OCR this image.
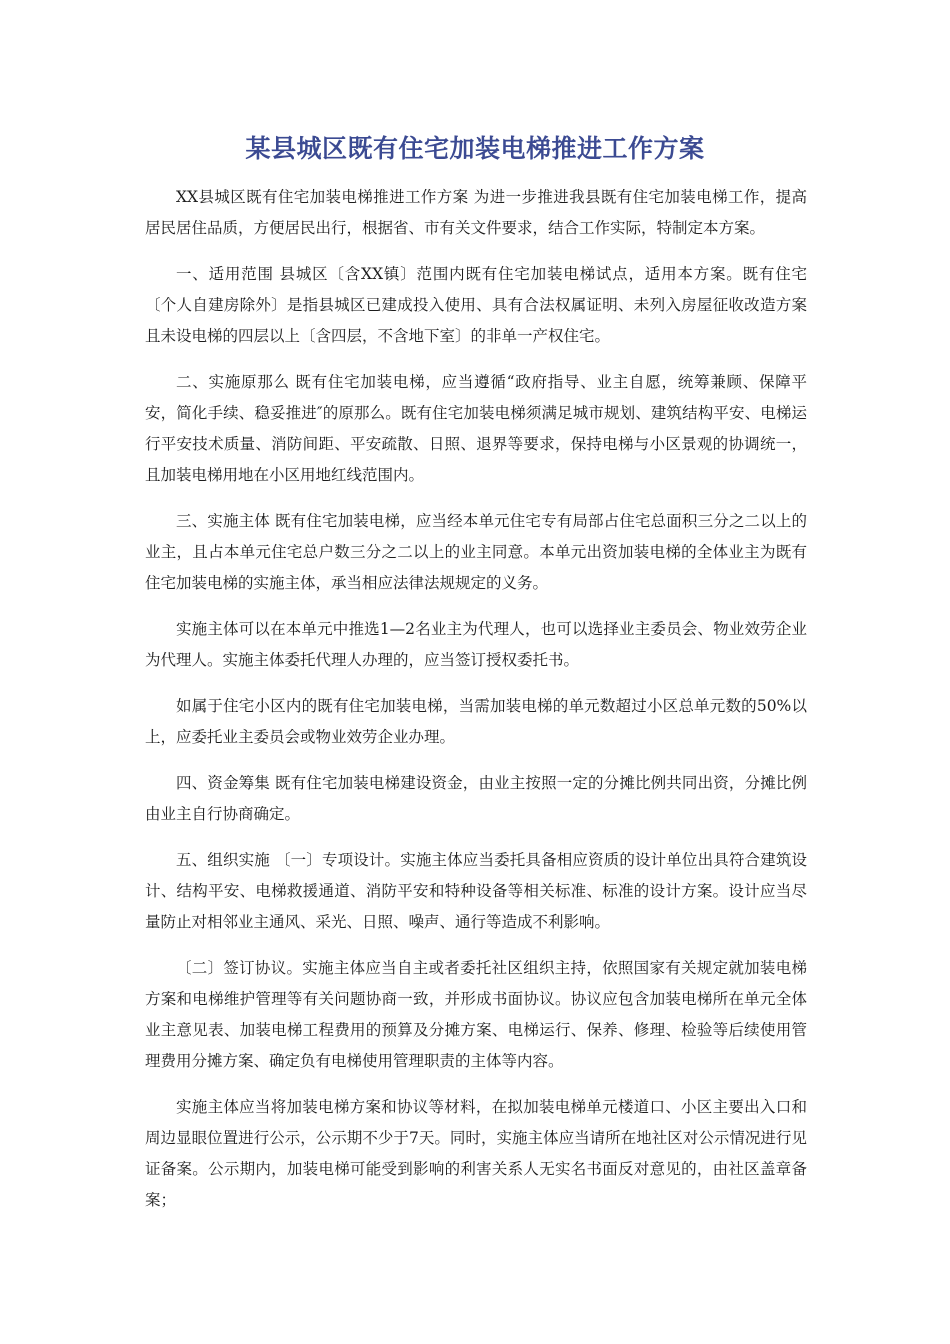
某县城区既有住宅加装电梯推进工作方案

XX县城区既有住宅加装电梯推进工作方案 为进一步推进我县既有住宅加装电梯工作，提高居民居住品质，方便居民出行，根据省、市有关文件要求，结合工作实际，特制定本方案。

一、适用范围 县城区〔含XX镇〕范围内既有住宅加装电梯试点，适用本方案。既有住宅〔个人自建房除外〕是指县城区已建成投入使用、具有合法权属证明、未列入房屋征收改造方案且未设电梯的四层以上〔含四层，不含地下室〕的非单一产权住宅。

二、实施原那么 既有住宅加装电梯，应当遵循“政府指导、业主自愿，统筹兼顾、保障平安，简化手续、稳妥推进″的原那么。既有住宅加装电梯须满足城市规划、建筑结构平安、电梯运行平安技术质量、消防间距、平安疏散、日照、退界等要求，保持电梯与小区景观的协调统一，且加装电梯用地在小区用地红线范围内。

三、实施主体 既有住宅加装电梯，应当经本单元住宅专有局部占住宅总面积三分之二以上的业主，且占本单元住宅总户数三分之二以上的业主同意。本单元出资加装电梯的全体业主为既有住宅加装电梯的实施主体，承当相应法律法规规定的义务。

实施主体可以在本单元中推选1—2名业主为代理人，也可以选择业主委员会、物业效劳企业为代理人。实施主体委托代理人办理的，应当签订授权委托书。

如属于住宅小区内的既有住宅加装电梯，当需加装电梯的单元数超过小区总单元数的50%以上，应委托业主委员会或物业效劳企业办理。

四、资金筹集 既有住宅加装电梯建设资金，由业主按照一定的分摊比例共同出资，分摊比例由业主自行协商确定。

五、组织实施 〔一〕专项设计。实施主体应当委托具备相应资质的设计单位出具符合建筑设计、结构平安、电梯救援通道、消防平安和特种设备等相关标准、标准的设计方案。设计应当尽量防止对相邻业主通风、采光、日照、噪声、通行等造成不利影响。

〔二〕签订协议。实施主体应当自主或者委托社区组织主持，依照国家有关规定就加装电梯方案和电梯维护管理等有关问题协商一致，并形成书面协议。协议应包含加装电梯所在单元全体业主意见表、加装电梯工程费用的预算及分摊方案、电梯运行、保养、修理、检验等后续使用管理费用分摊方案、确定负有电梯使用管理职责的主体等内容。

实施主体应当将加装电梯方案和协议等材料，在拟加装电梯单元楼道口、小区主要出入口和周边显眼位置进行公示，公示期不少于7天。同时，实施主体应当请所在地社区对公示情况进行见证备案。公示期内，加装电梯可能受到影响的利害关系人无实名书面反对意见的，由社区盖章备案；
